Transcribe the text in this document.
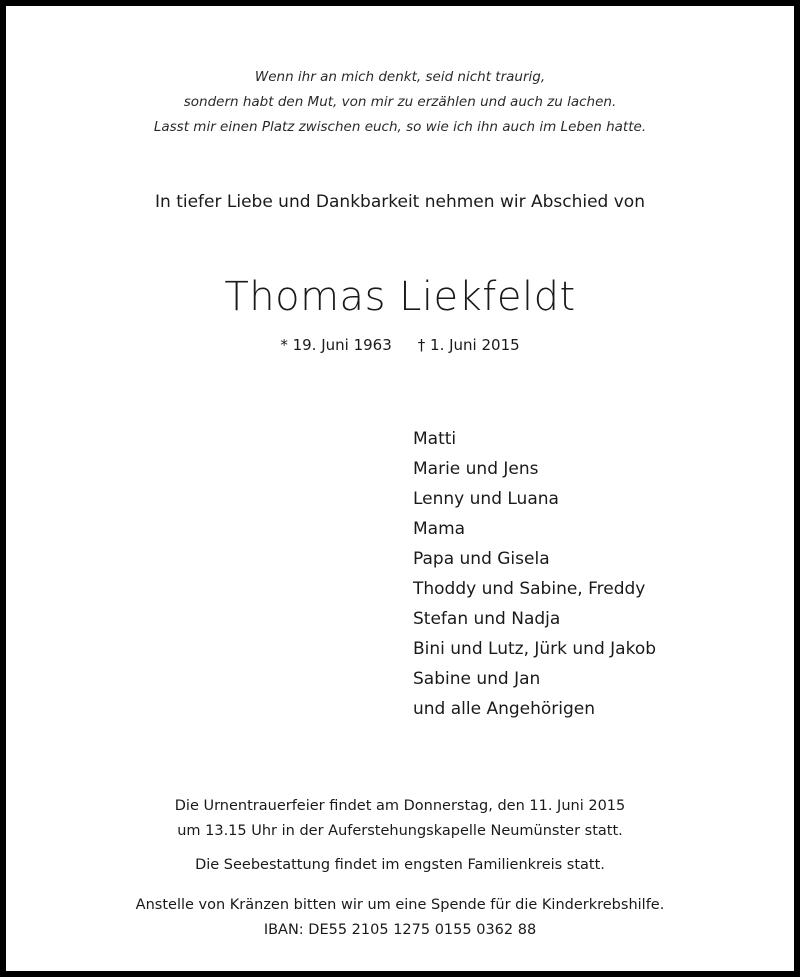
Wenn ihr an mich denkt, seid nicht traurig,
sondern habt den Mut, von mir zu erzählen und auch zu lachen.
Lasst mir einen Platz zwischen euch, so wie ich ihn auch im Leben hatte.
In tiefer Liebe und Dankbarkeit nehmen wir Abschied von
Thomas Liekfeldt
* 19. Juni 1963 † 1. Juni 2015
Matti
Marie und Jens
Lenny und Luana
Mama
Papa und Gisela
Thoddy und Sabine, Freddy
Stefan und Nadja
Bini und Lutz, Jürk und Jakob
Sabine und Jan
und alle Angehörigen
Die Urnentrauerfeier findet am Donnerstag, den 11. Juni 2015
um 13.15 Uhr in der Auferstehungskapelle Neumünster statt.
Die Seebestattung findet im engsten Familienkreis statt.
Anstelle von Kränzen bitten wir um eine Spende für die Kinderkrebshilfe.
IBAN: DE55 2105 1275 0155 0362 88
